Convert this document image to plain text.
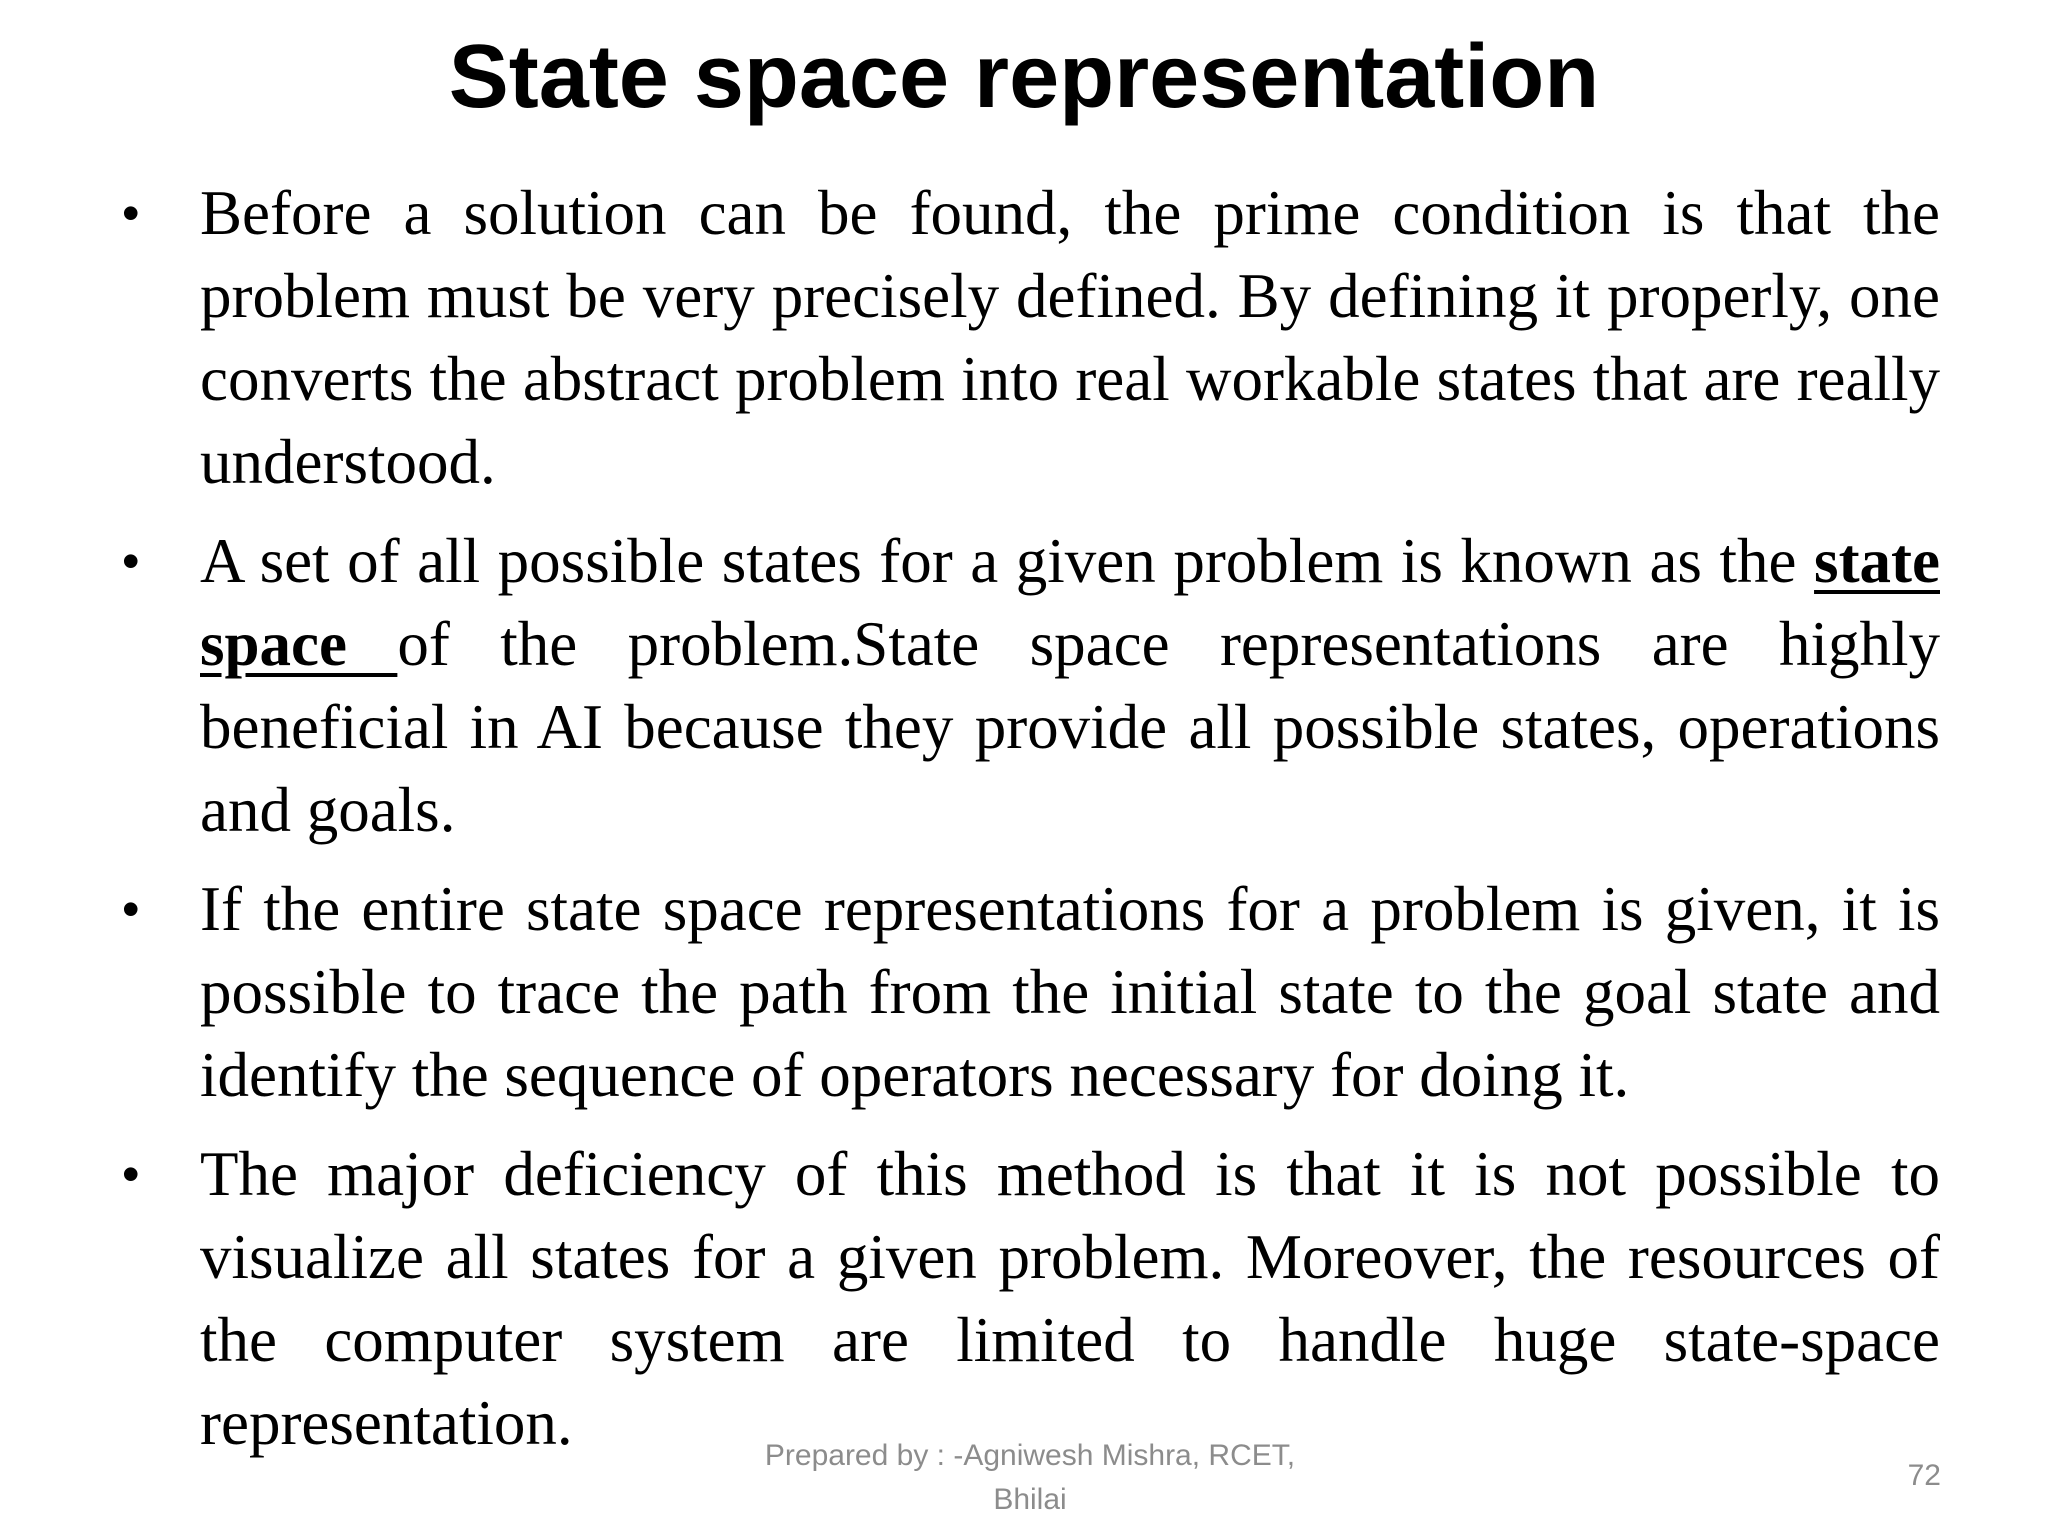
State space representation
• Before a solution can be found, the prime condition is that the problem must be very precisely defined. By defining it properly, one converts the abstract problem into real workable states that are really understood.
• A set of all possible states for a given problem is known as the state space of the problem.State space representations are highly beneficial in AI because they provide all possible states, operations and goals.
• If the entire state space representations for a problem is given, it is possible to trace the path from the initial state to the goal state and identify the sequence of operators necessary for doing it.
• The major deficiency of this method is that it is not possible to visualize all states for a given problem. Moreover, the resources of the computer system are limited to handle huge state-space representation.	Prepared by : -Agniwesh Mishra, RCET,
Bhilai
72
